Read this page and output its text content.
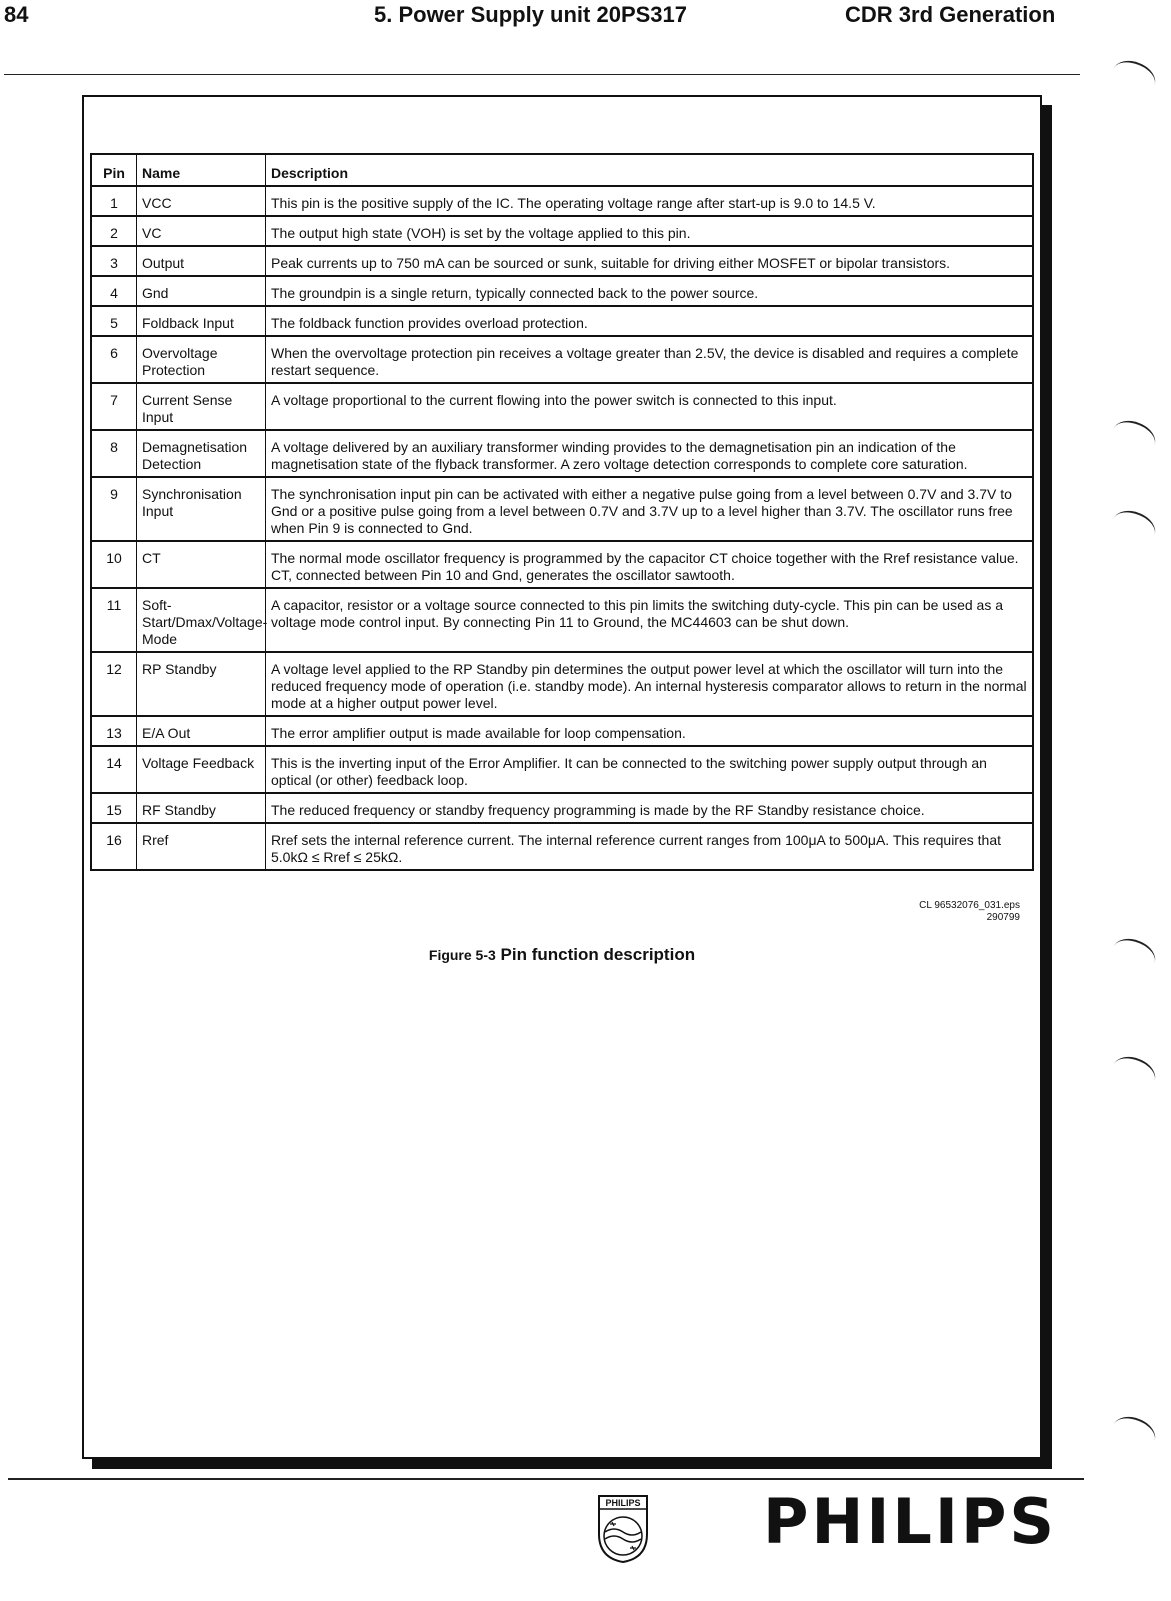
84	5. Power Supply unit 20PS317	CDR 3rd Generation
Pin	Name	Description
1	VCC	This pin is the positive supply of the IC. The operating voltage range after start-up is 9.0 to 14.5 V.
2	VC	The output high state (VOH) is set by the voltage applied to this pin.
3	Output	Peak currents up to 750 mA can be sourced or sunk, suitable for driving either MOSFET or bipolar transistors.
4	Gnd	The groundpin is a single return, typically connected back to the power source.
5	Foldback Input	The foldback function provides overload protection.
6	Overvoltage Protection	When the overvoltage protection pin receives a voltage greater than 2.5V, the device is disabled and requires a complete restart sequence.
7	Current Sense Input	A voltage proportional to the current flowing into the power switch is connected to this input.
8	Demagnetisation Detection	A voltage delivered by an auxiliary transformer winding provides to the demagnetisation pin an indication of the magnetisation state of the flyback transformer. A zero voltage detection corresponds to complete core saturation.
9	Synchronisation Input	The synchronisation input pin can be activated with either a negative pulse going from a level between 0.7V and 3.7V to Gnd or a positive pulse going from a level between 0.7V and 3.7V up to a level higher than 3.7V. The oscillator runs free when Pin 9 is connected to Gnd.
10	CT	The normal mode oscillator frequency is programmed by the capacitor CT choice together with the Rref resistance value. CT, connected between Pin 10 and Gnd, generates the oscillator sawtooth.
11	Soft-Start/Dmax/Voltage-Mode	A capacitor, resistor or a voltage source connected to this pin limits the switching duty-cycle. This pin can be used as a voltage mode control input. By connecting Pin 11 to Ground, the MC44603 can be shut down.
12	RP Standby	A voltage level applied to the RP Standby pin determines the output power level at which the oscillator will turn into the reduced frequency mode of operation (i.e. standby mode). An internal hysteresis comparator allows to return in the normal mode at a higher output power level.
13	E/A Out	The error amplifier output is made available for loop compensation.
14	Voltage Feedback	This is the inverting input of the Error Amplifier. It can be connected to the switching power supply output through an optical (or other) feedback loop.
15	RF Standby	The reduced frequency or standby frequency programming is made by the RF Standby resistance choice.
16	Rref	Rref sets the internal reference current. The internal reference current ranges from 100μA to 500μA. This requires that 5.0kΩ ≤ Rref ≤ 25kΩ.
CL 96532076_031.eps
290799
Figure 5-3 Pin function description
PHILIPS PHILIPS
